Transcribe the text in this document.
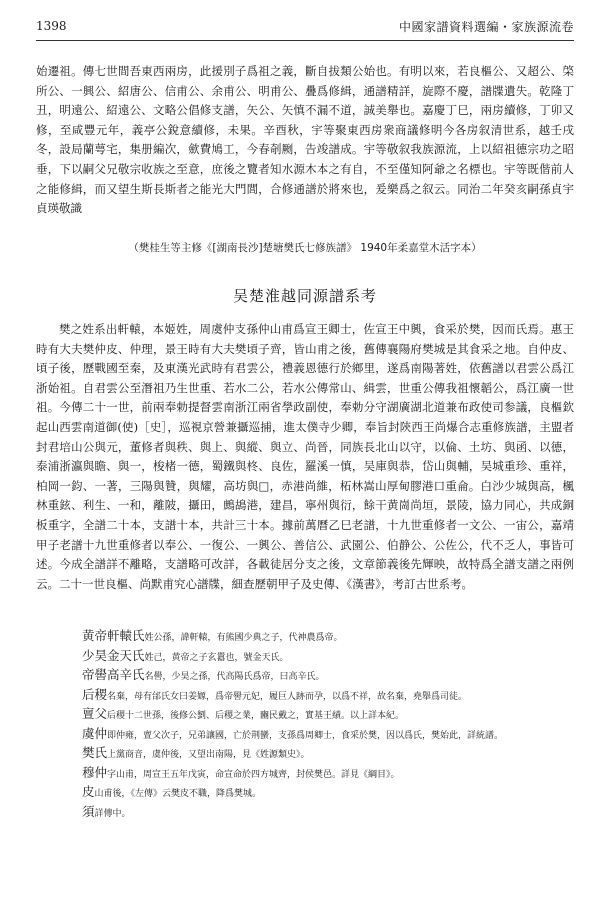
1398	中國家譜資料選編・家族源流卷

始遷祖。傳七世間吾東西兩房，此援別子爲祖之義，斷自拔類公始也。有明以來，若良樞公、又超公、棨所公、一興公、紹唐公、信甫公、余甫公、明甫公、疊爲修緝，通譜精詳，旋際不慶，譜牒遺失。乾隆丁丑，明遠公、紹遠公、文略公倡修支譜，矢公、矢慎不漏不道，誠美舉也。嘉慶丁巳，兩房續修，丁卯又修，至咸豐元年，義亭公銳意續修，未果。辛酉秋，宇等聚東西房衆商議修明今各房叙清世系，越壬戌冬，設局蘭萼宅，集册編次，歛費鳩工，今春剞劂，告竣譜成。宇等敬叙我族源流，上以紹祖德宗功之昭垂，下以嗣父兄敬宗收族之至意，庶後之覽者知水源木本之有自，不至僅知阿爺之名標也。宇等既偕前人之能修緝，而又望生斯長斯者之能光大門閭，合修通譜於將來也，爰樂爲之叙云。同治二年癸亥嗣孫貞宇貞瑛敬識

（樊桂生等主修《[湖南長沙]楚塘樊氏七修族譜》 1940年柔嘉堂木活字本）
吴楚淮越同源譜系考

樊之姓系出軒轅，本姬姓，周虞仲支孫仲山甫爲宣王卿士，佐宣王中興，食采於樊，因而氏焉。惠王時有大夫樊仲皮、仲理，景王時有大夫樊頃子齊，皆山甫之後，舊傳襄陽府樊城是其食采之地。自仲皮、頃子後，歷戰國至秦，及東漢光武時有君雲公，禮義恩德行於鄉里，遂爲南陽著姓，依舊譜以君雲公爲江浙始祖。自君雲公至潛祖乃生世重、若水二公，若水公傳常山、緝雲，世重公傳我祖懷韜公，爲江廣一世祖。今傳二十一世，前兩奉勅提督雲南浙江兩省學政副使，奉勅分守湖廣湖北道兼布政使司参議，良樞欽起山西雲南道御(使)［史］，巡視京營兼攝巡捕，進太僕寺少卿，奉旨封陝西王尚爆合志重修族譜，主盟者封君培山公與元，董修者與秩、與上、與縱、與立、尚晉，同族長北山以守，以倫、土坊、與函、以德，泰浦浙瀛與瞻、與一，梭楮一德，蜀鐵與柊、良佐，羅溪一慎，吴庫與恭，岱山與輔，吴城重珍、重祥，柏岡一鈞、一著，三陽與贊，與耀，高坊與□，赤港尚維，柘林嵩山厚甸膠港口重侖。白沙少城與高，楓林重鉉、利生、一和，離陂，攝田，鷓鴣港，建昌，寧州與衍，餘干黄崗尚垣，景陵，協力同心，共成銅板重字，全譜二十本，支譜十本，共計三十本。據前萬曆乙巳老譜，十九世重修者一文公、一宙公，嘉靖甲子老譜十九世重修者以奉公、一復公、一興公、善信公、武園公、伯静公、公佐公，代不乏人，事皆可述。今成全譜詳不離略，支譜略可改詳，各載徒居分支之後，文章節義後先輝映，故特爲全譜支譜之兩例云。二十一世良樞、尚默甫究心譜牒，細查歷朝甲子及史傳、《漢書》，考訂古世系考。

黄帝軒轅氏姓公孫，諱軒轅，有熊國少典之子，代神農爲帝。
少昊金天氏姓己，黄帝之子玄囂也，號金天氏。
帝嚳高辛氏名嚳，少昊之孫，代高陽氏爲帝，曰高辛氏。
后稷名棄，母有邰氏女曰姜嫄，爲帝嚳元妃，履巨人跡而孕，以爲不祥，故名棄，堯舉爲司徒。
亶父后稷十二世孫，後修公劉、后稷之業，豳民戴之，實基王績。以上詳本紀。
虞仲即仲雍，亶父次子，兄弟讓國，亡於荆蠻，支孫爲周卿士，食采於樊，因以爲氏，樊始此，詳統譜。
樊氏上黨商音，虞仲後，又望出南陽，見《姓源類史》。
穆仲字山甫，周宣王五年戊寅，命宣命於四方城齊，封侯樊邑。詳見《綱目》。
皮山甫後，《左傳》云樊皮不職，降爲樊城。
須詳傳中。
